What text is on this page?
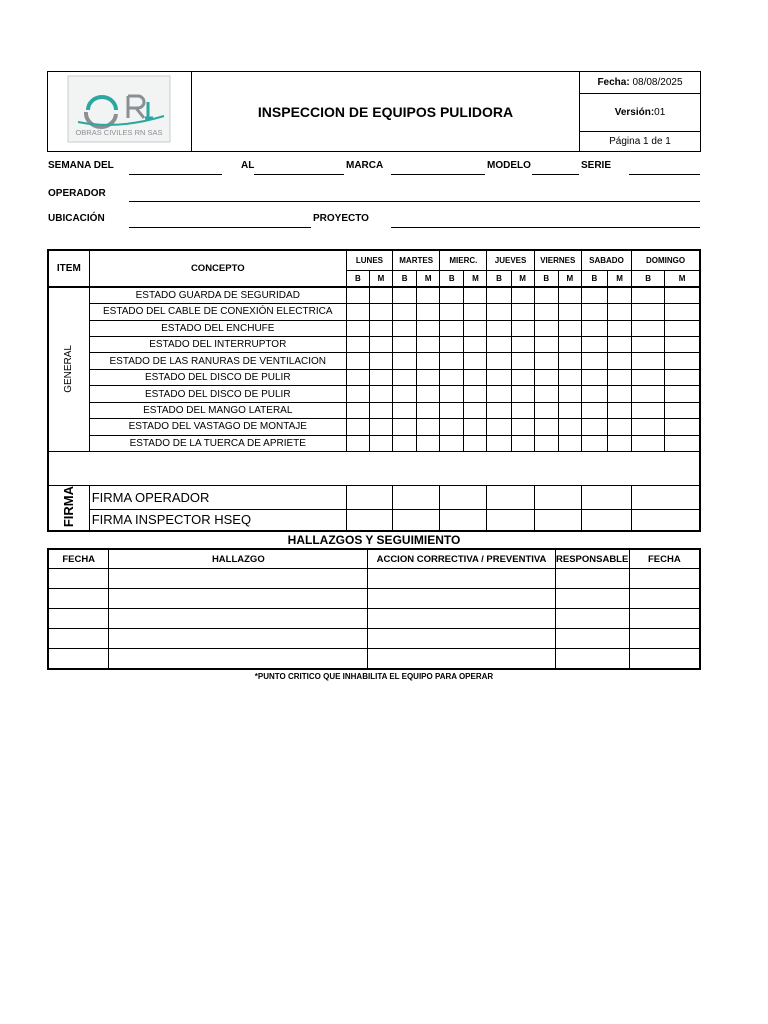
OBRAS CIVILES RN SAS
	INSPECCION DE EQUIPOS PULIDORA	Fecha: 08/08/2025
Versión:01
Página 1 de 1
SEMANA DEL	AL	MARCA	MODELO	SERIE
OPERADOR
UBICACIÓN	PROYECTO
ITEM	CONCEPTO	LUNES		MARTES		MIERC.		JUEVES		VIERNES		SABADO		DOMINGO	
		B	M	B	M	B	M	B	M	B	M	B	M	B	M
GENERAL	ESTADO GUARDA DE SEGURIDAD														
	ESTADO DEL CABLE DE CONEXIÓN ELECTRICA														
	ESTADO DEL ENCHUFE														
	ESTADO DEL INTERRUPTOR														
	ESTADO DE LAS RANURAS DE VENTILACION														
	ESTADO DEL DISCO DE PULIR														
	ESTADO DEL DISCO DE PULIR														
	ESTADO DEL MANGO LATERAL														
	ESTADO DEL VASTAGO DE MONTAJE														
	ESTADO DE LA TUERCA DE APRIETE														

FIRMA	FIRMA OPERADOR														
	FIRMA INSPECTOR HSEQ														
HALLAZGOS Y SEGUIMIENTO
FECHA	HALLAZGO	ACCION CORRECTIVA / PREVENTIVA	RESPONSABLE	FECHA

*PUNTO CRITICO QUE INHABILITA EL EQUIPO PARA OPERAR
